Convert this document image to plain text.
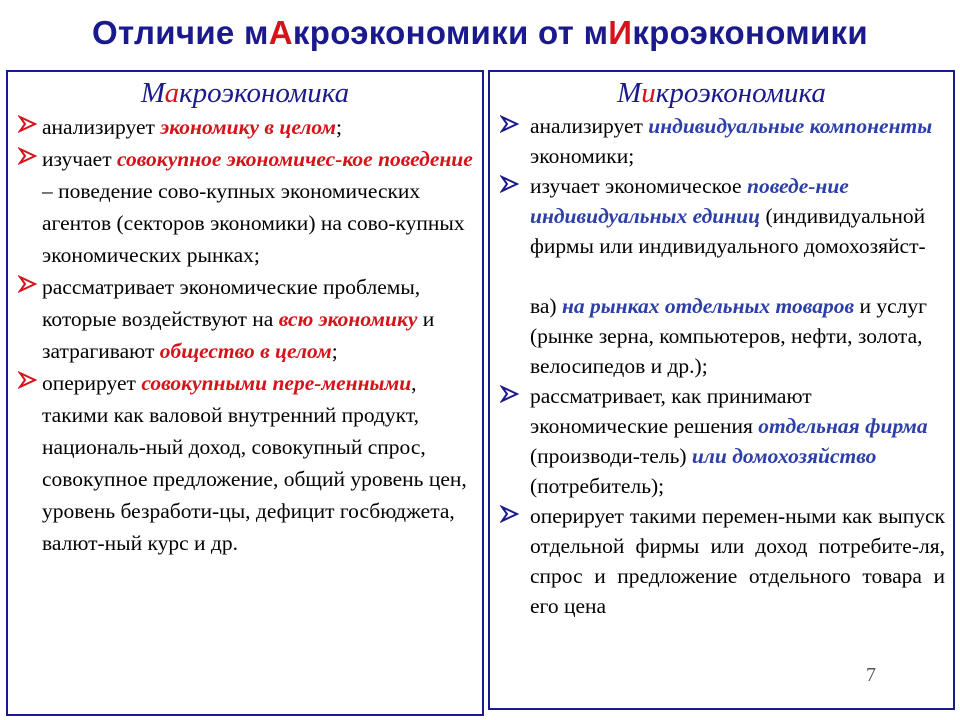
Отличие мАкроэкономики от мИкроэкономики
Макроэкономика
анализирует экономику в целом;
изучает совокупное экономичес-кое поведение – поведение сово-купных экономических агентов (секторов экономики) на сово-купных экономических рынках;
рассматривает экономические проблемы, которые воздействуют на всю экономику и затрагивают общество в целом;
оперирует совокупными пере-менными, такими как валовой внутренний продукт, националь-ный доход, совокупный спрос, совокупное предложение, общий уровень цен, уровень безработи-цы, дефицит госбюджета, валют-ный курс и др.
Микроэкономика
анализирует индивидуальные компоненты экономики;
изучает экономическое поведе-ние индивидуальных единиц (индивидуальной фирмы или индивидуального домохозяйст-

ва) на рынках отдельных товаров и услуг (рынке зерна, компьютеров, нефти, золота, велосипедов и др.);
рассматривает, как принимают экономические решения отдельная фирма (производи-тель) или домохозяйство (потребитель);
оперирует такими перемен-ными как выпуск отдельной фирмы или доход потребите-ля, спрос и предложение отдельного товара и его цена
7
